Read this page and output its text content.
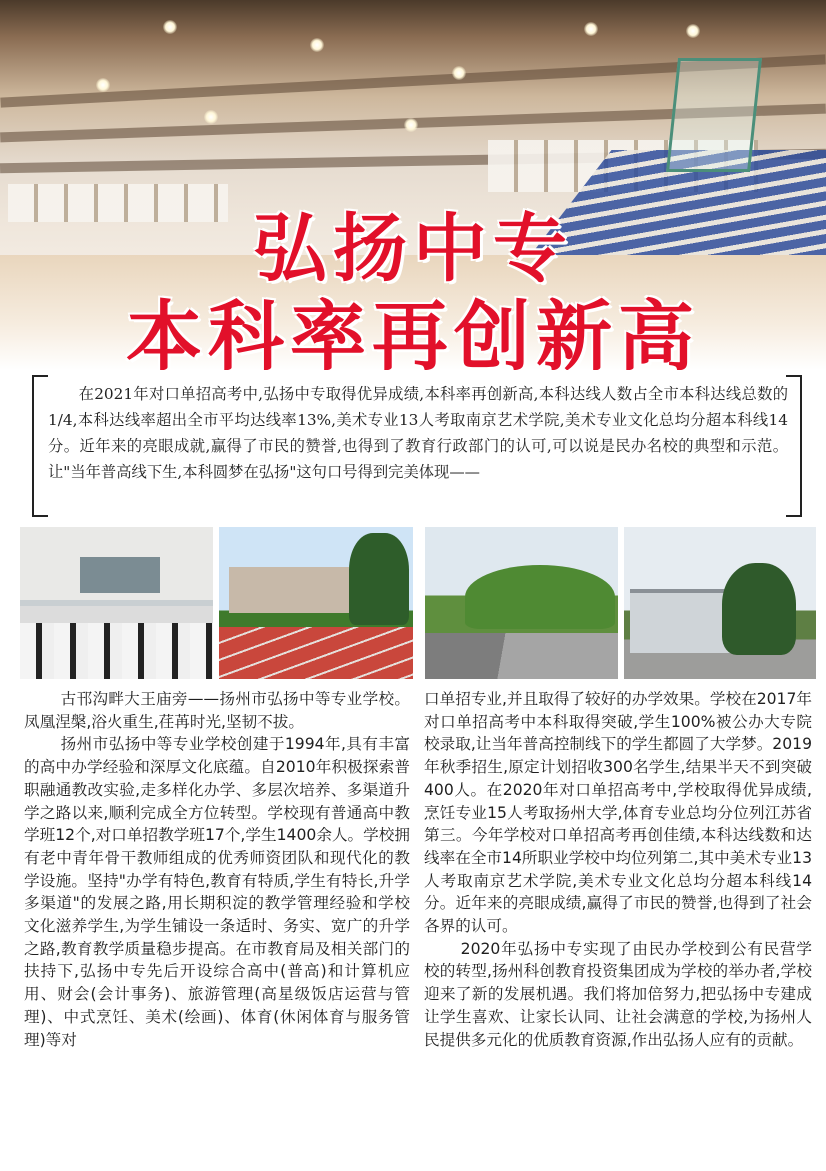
弘扬中专
本科率再创新高

在2021年对口单招高考中,弘扬中专取得优异成绩,本科率再创新高,本科达线人数占全市本科达线总数的1/4,本科达线率超出全市平均达线率13%,美术专业13人考取南京艺术学院,美术专业文化总均分超本科线14分。近年来的亮眼成就,赢得了市民的赞誉,也得到了教育行政部门的认可,可以说是民办名校的典型和示范。让"当年普高线下生,本科圆梦在弘扬"这句口号得到完美体现——

古邗沟畔大王庙旁——扬州市弘扬中等专业学校。凤凰涅槃,浴火重生,荏苒时光,坚韧不拔。

扬州市弘扬中等专业学校创建于1994年,具有丰富的高中办学经验和深厚文化底蕴。自2010年积极探索普职融通教改实验,走多样化办学、多层次培养、多渠道升学之路以来,顺利完成全方位转型。学校现有普通高中教学班12个,对口单招教学班17个,学生1400余人。学校拥有老中青年骨干教师组成的优秀师资团队和现代化的教学设施。坚持"办学有特色,教育有特质,学生有特长,升学多渠道"的发展之路,用长期积淀的教学管理经验和学校文化滋养学生,为学生铺设一条适时、务实、宽广的升学之路,教育教学质量稳步提高。在市教育局及相关部门的扶持下,弘扬中专先后开设综合高中(普高)和计算机应用、财会(会计事务)、旅游管理(高星级饭店运营与管理)、中式烹饪、美术(绘画)、体育(休闲体育与服务管理)等对

口单招专业,并且取得了较好的办学效果。学校在2017年对口单招高考中本科取得突破,学生100%被公办大专院校录取,让当年普高控制线下的学生都圆了大学梦。2019年秋季招生,原定计划招收300名学生,结果半天不到突破400人。在2020年对口单招高考中,学校取得优异成绩,烹饪专业15人考取扬州大学,体育专业总均分位列江苏省第三。今年学校对口单招高考再创佳绩,本科达线数和达线率在全市14所职业学校中均位列第二,其中美术专业13人考取南京艺术学院,美术专业文化总均分超本科线14分。近年来的亮眼成绩,赢得了市民的赞誉,也得到了社会各界的认可。

2020年弘扬中专实现了由民办学校到公有民营学校的转型,扬州科创教育投资集团成为学校的举办者,学校迎来了新的发展机遇。我们将加倍努力,把弘扬中专建成让学生喜欢、让家长认同、让社会满意的学校,为扬州人民提供多元化的优质教育资源,作出弘扬人应有的贡献。
